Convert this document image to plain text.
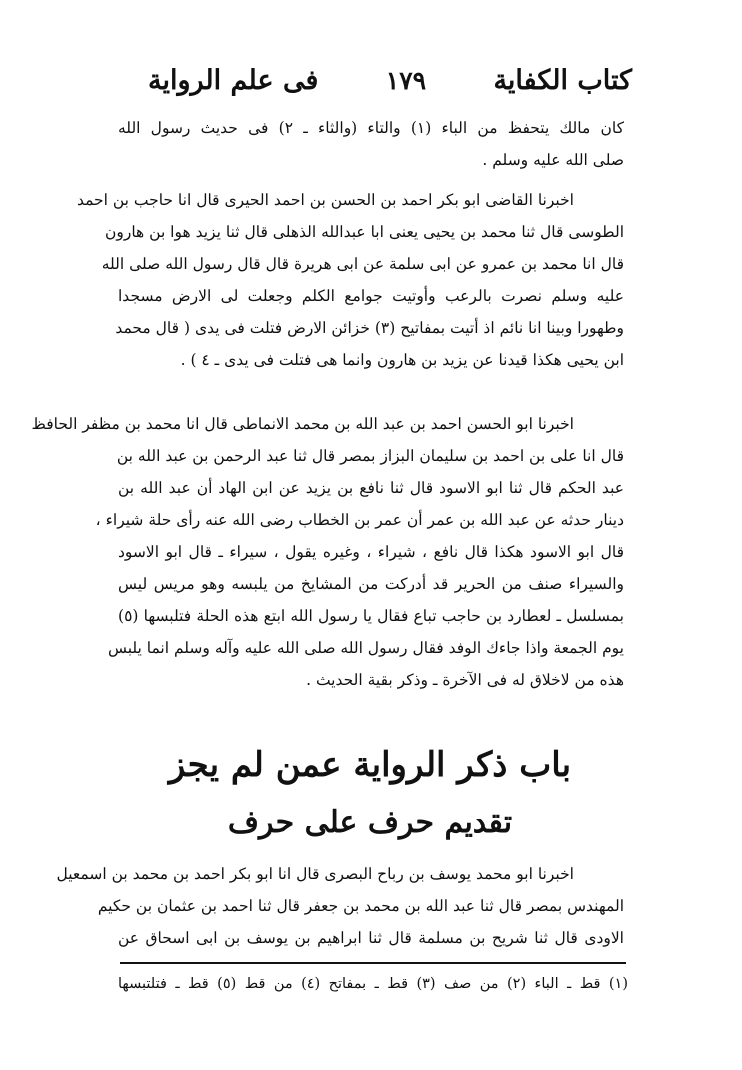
كتاب الكفاية
١٧٩
فى علم الرواية
كان مالك يتحفظ من الباء (١) والتاء (والثاء ـ ٢) فى حديث رسول الله
صلى الله عليه وسلم .
اخبرنا القاضى ابو بكر احمد بن الحسن بن احمد الحيرى قال انا حاجب بن احمد
الطوسى قال ثنا محمد بن يحيى يعنى ابا عبدالله الذهلى قال ثنا يزيد هوا بن هارون
قال انا محمد بن عمرو عن ابى سلمة عن ابى هريرة قال قال رسول الله صلى الله
عليه وسلم نصرت بالرعب وأوتيت جوامع الكلم وجعلت لى الارض مسجدا
وطهورا وبينا انا نائم اذ أتيت بمفاتيح (٣) خزائن الارض فتلت فى يدى ( قال محمد
ابن يحيى هكذا قيدنا عن يزيد بن هارون وانما هى فتلت فى يدى ـ ٤ ) .
اخبرنا ابو الحسن احمد بن عبد الله بن محمد الانماطى قال انا محمد بن مظفر الحافظ
قال انا على بن احمد بن سليمان البزاز بمصر قال ثنا عبد الرحمن بن عبد الله بن
عبد الحكم قال ثنا ابو الاسود قال ثنا نافع بن يزيد عن ابن الهاد أن عبد الله بن
دينار حدثه عن عبد الله بن عمر أن عمر بن الخطاب رضى الله عنه رأى حلة شيراء ،
قال ابو الاسود هكذا قال نافع ، شيراء ، وغيره يقول ، سيراء ـ قال ابو الاسود
والسيراء صنف من الحرير قد أدركت من المشايخ من يلبسه وهو مريس ليس
بمسلسل ـ لعطارد بن حاجب تباع فقال يا رسول الله ابتع هذه الحلة فتلبسها (٥)
يوم الجمعة واذا جاءك الوفد فقال رسول الله صلى الله عليه وآله وسلم انما يلبس
هذه من لاخلاق له فى الآخرة ـ وذكر بقية الحديث .
باب ذكر الرواية عمن لم يجز
تقديم حرف على حرف
اخبرنا ابو محمد يوسف بن رباح البصرى قال انا ابو بكر احمد بن محمد بن اسمعيل
المهندس بمصر قال ثنا عبد الله بن محمد بن جعفر قال ثنا احمد بن عثمان بن حكيم
الاودى قال ثنا شريح بن مسلمة قال ثنا ابراهيم بن يوسف بن ابى اسحاق عن
(١) قط ـ الباء (٢) من صف (٣) قط ـ بمفاتح (٤) من قط (٥) قط ـ فتلتبسها
